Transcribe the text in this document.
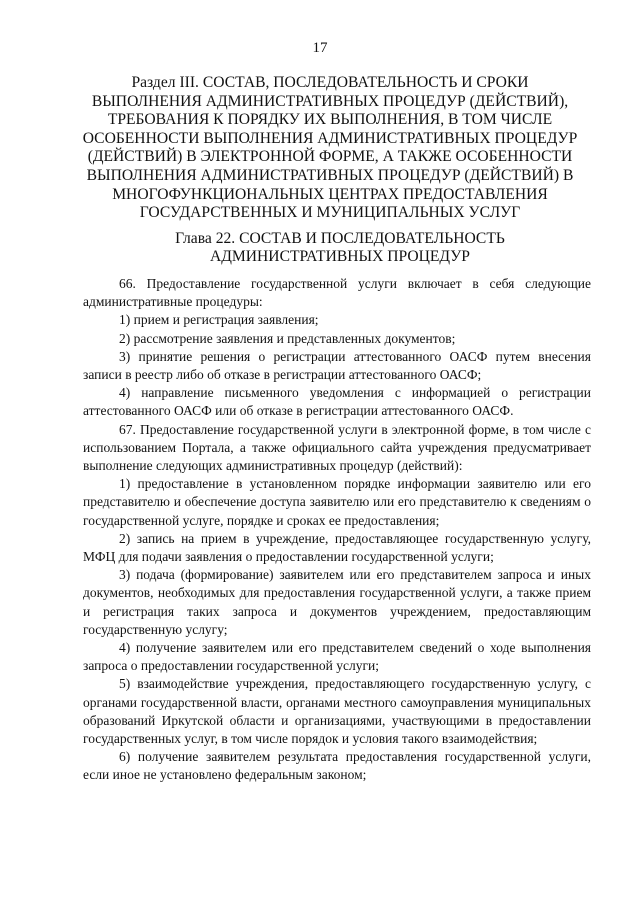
17
Раздел III. СОСТАВ, ПОСЛЕДОВАТЕЛЬНОСТЬ И СРОКИ
ВЫПОЛНЕНИЯ АДМИНИСТРАТИВНЫХ ПРОЦЕДУР (ДЕЙСТВИЙ),
ТРЕБОВАНИЯ К ПОРЯДКУ ИХ ВЫПОЛНЕНИЯ, В ТОМ ЧИСЛЕ
ОСОБЕННОСТИ ВЫПОЛНЕНИЯ АДМИНИСТРАТИВНЫХ ПРОЦЕДУР
(ДЕЙСТВИЙ) В ЭЛЕКТРОННОЙ ФОРМЕ, А ТАКЖЕ ОСОБЕННОСТИ
ВЫПОЛНЕНИЯ АДМИНИСТРАТИВНЫХ ПРОЦЕДУР (ДЕЙСТВИЙ) В
МНОГОФУНКЦИОНАЛЬНЫХ ЦЕНТРАХ ПРЕДОСТАВЛЕНИЯ
ГОСУДАРСТВЕННЫХ И МУНИЦИПАЛЬНЫХ УСЛУГ
Глава 22. СОСТАВ И ПОСЛЕДОВАТЕЛЬНОСТЬ
АДМИНИСТРАТИВНЫХ ПРОЦЕДУР

66. Предоставление государственной услуги включает в себя следующие административные процедуры:

1) прием и регистрация заявления;

2) рассмотрение заявления и представленных документов;

3) принятие решения о регистрации аттестованного ОАСФ путем внесения записи в реестр либо об отказе в регистрации аттестованного ОАСФ;

4) направление письменного уведомления с информацией о регистрации аттестованного ОАСФ или об отказе в регистрации аттестованного ОАСФ.

67. Предоставление государственной услуги в электронной форме, в том числе с использованием Портала, а также официального сайта учреждения предусматривает выполнение следующих административных процедур (действий):

1) предоставление в установленном порядке информации заявителю или его представителю и обеспечение доступа заявителю или его представителю к сведениям о государственной услуге, порядке и сроках ее предоставления;

2) запись на прием в учреждение, предоставляющее государственную услугу, МФЦ для подачи заявления о предоставлении государственной услуги;

3) подача (формирование) заявителем или его представителем запроса и иных документов, необходимых для предоставления государственной услуги, а также прием и регистрация таких запроса и документов учреждением, предоставляющим государственную услугу;

4) получение заявителем или его представителем сведений о ходе выполнения запроса о предоставлении государственной услуги;

5) взаимодействие учреждения, предоставляющего государственную услугу, с органами государственной власти, органами местного самоуправления муниципальных образований Иркутской области и организациями, участвующими в предоставлении государственных услуг, в том числе порядок и условия такого взаимодействия;

6) получение заявителем результата предоставления государственной услуги, если иное не установлено федеральным законом;
